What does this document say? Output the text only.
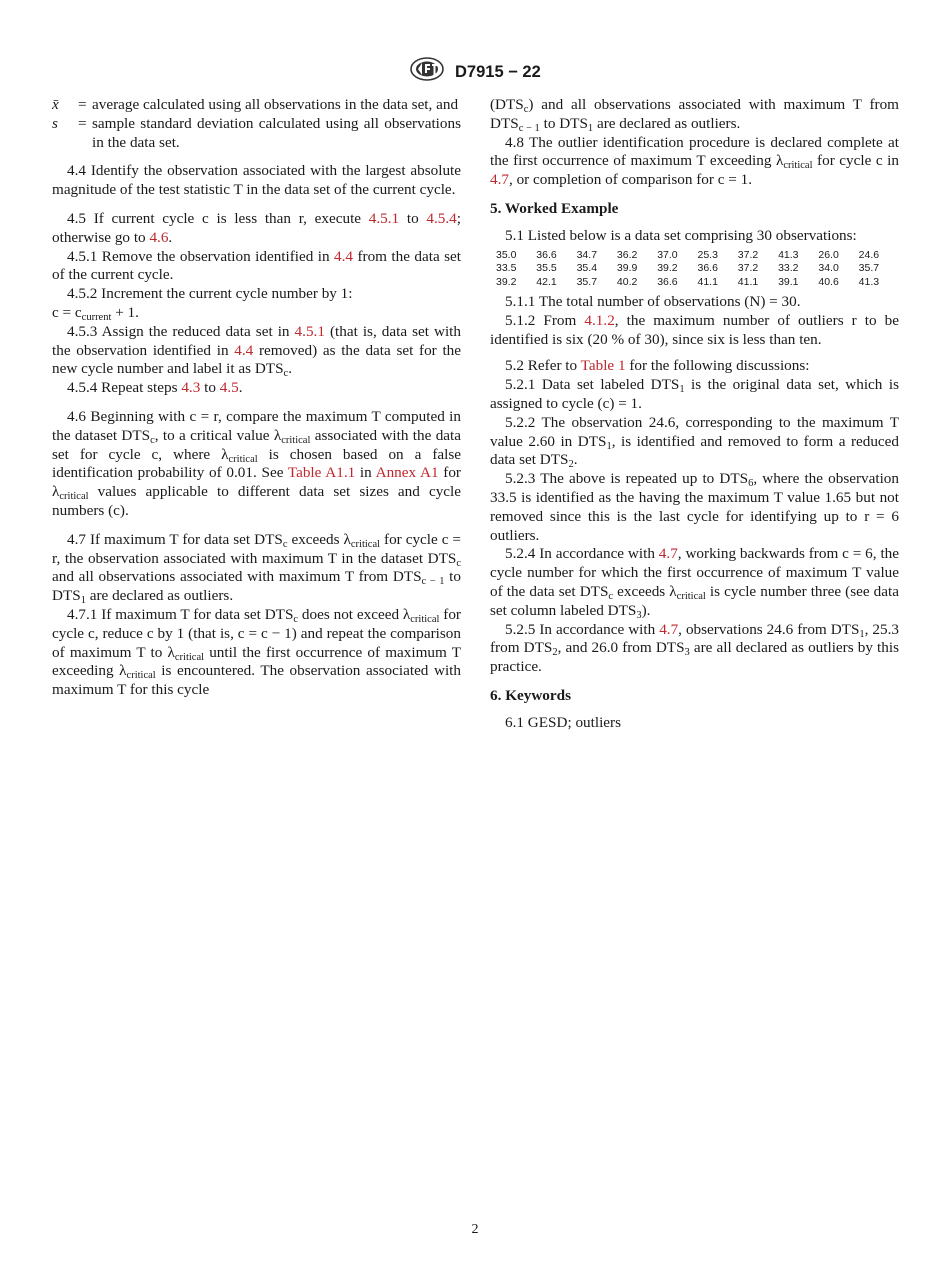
D7915 − 22
x̄	= average calculated using all observations in the data set, and
s	= sample standard deviation calculated using all observations in the data set.

4.4 Identify the observation associated with the largest absolute magnitude of the test statistic T in the data set of the current cycle.

4.5 If current cycle c is less than r, execute 4.5.1 to 4.5.4; otherwise go to 4.6.

4.5.1 Remove the observation identified in 4.4 from the data set of the current cycle.

4.5.2 Increment the current cycle number by 1:

$c = c_{current} + 1$.

4.5.3 Assign the reduced data set in 4.5.1 (that is, data set with the observation identified in 4.4 removed) as the data set for the new cycle number and label it as $DTS_c$.

4.5.4 Repeat steps 4.3 to 4.5.

4.6 Beginning with c = r, compare the maximum T computed in the dataset $DTS_c$, to a critical value $\lambda_{critical}$ associated with the data set for cycle c, where $\lambda_{critical}$ is chosen based on a false identification probability of 0.01. See Table A1.1 in Annex A1 for $\lambda_{critical}$ values applicable to different data set sizes and cycle numbers (c).

4.7 If maximum T for data set $DTS_c$ exceeds $\lambda_{critical}$ for cycle c = r, the observation associated with maximum T in the dataset $DTS_c$ and all observations associated with maximum T from $DTS_{c - 1}$ to $DTS_1$ are declared as outliers.

4.7.1 If maximum T for data set $DTS_c$ does not exceed $\lambda_{critical}$ for cycle c, reduce c by 1 (that is, c = c − 1) and repeat the comparison of maximum T to $\lambda_{critical}$ until the first occurrence of maximum T exceeding $\lambda_{critical}$ is encountered. The observation associated with maximum T for this cycle

$(DTS_c)$ and all observations associated with maximum T from $DTS_{c - 1}$ to $DTS_1$ are declared as outliers.

4.8 The outlier identification procedure is declared complete at the first occurrence of maximum T exceeding $\lambda_{critical}$ for cycle c in 4.7, or completion of comparison for c = 1.

5. Worked Example

5.1 Listed below is a data set comprising 30 observations:

35.0	36.6	34.7	36.2	37.0	25.3	37.2	41.3	26.0	24.6
33.5	35.5	35.4	39.9	39.2	36.6	37.2	33.2	34.0	35.7
39.2	42.1	35.7	40.2	36.6	41.1	41.1	39.1	40.6	41.3

5.1.1 The total number of observations (N) = 30.

5.1.2 From 4.1.2, the maximum number of outliers r to be identified is six (20 % of 30), since six is less than ten.

5.2 Refer to Table 1 for the following discussions:

5.2.1 Data set labeled $DTS_1$ is the original data set, which is assigned to cycle (c) = 1.

5.2.2 The observation 24.6, corresponding to the maximum T value 2.60 in $DTS_1$, is identified and removed to form a reduced data set $DTS_2$.

5.2.3 The above is repeated up to $DTS_6$, where the observation 33.5 is identified as the having the maximum T value 1.65 but not removed since this is the last cycle for identifying up to r = 6 outliers.

5.2.4 In accordance with 4.7, working backwards from c = 6, the cycle number for which the first occurrence of maximum T value of the data set $DTS_c$ exceeds $\lambda_{critical}$ is cycle number three (see data set column labeled $DTS_3$).

5.2.5 In accordance with 4.7, observations 24.6 from $DTS_1$, 25.3 from $DTS_2$, and 26.0 from $DTS_3$ are all declared as outliers by this practice.

6. Keywords

6.1 GESD; outliers

2
